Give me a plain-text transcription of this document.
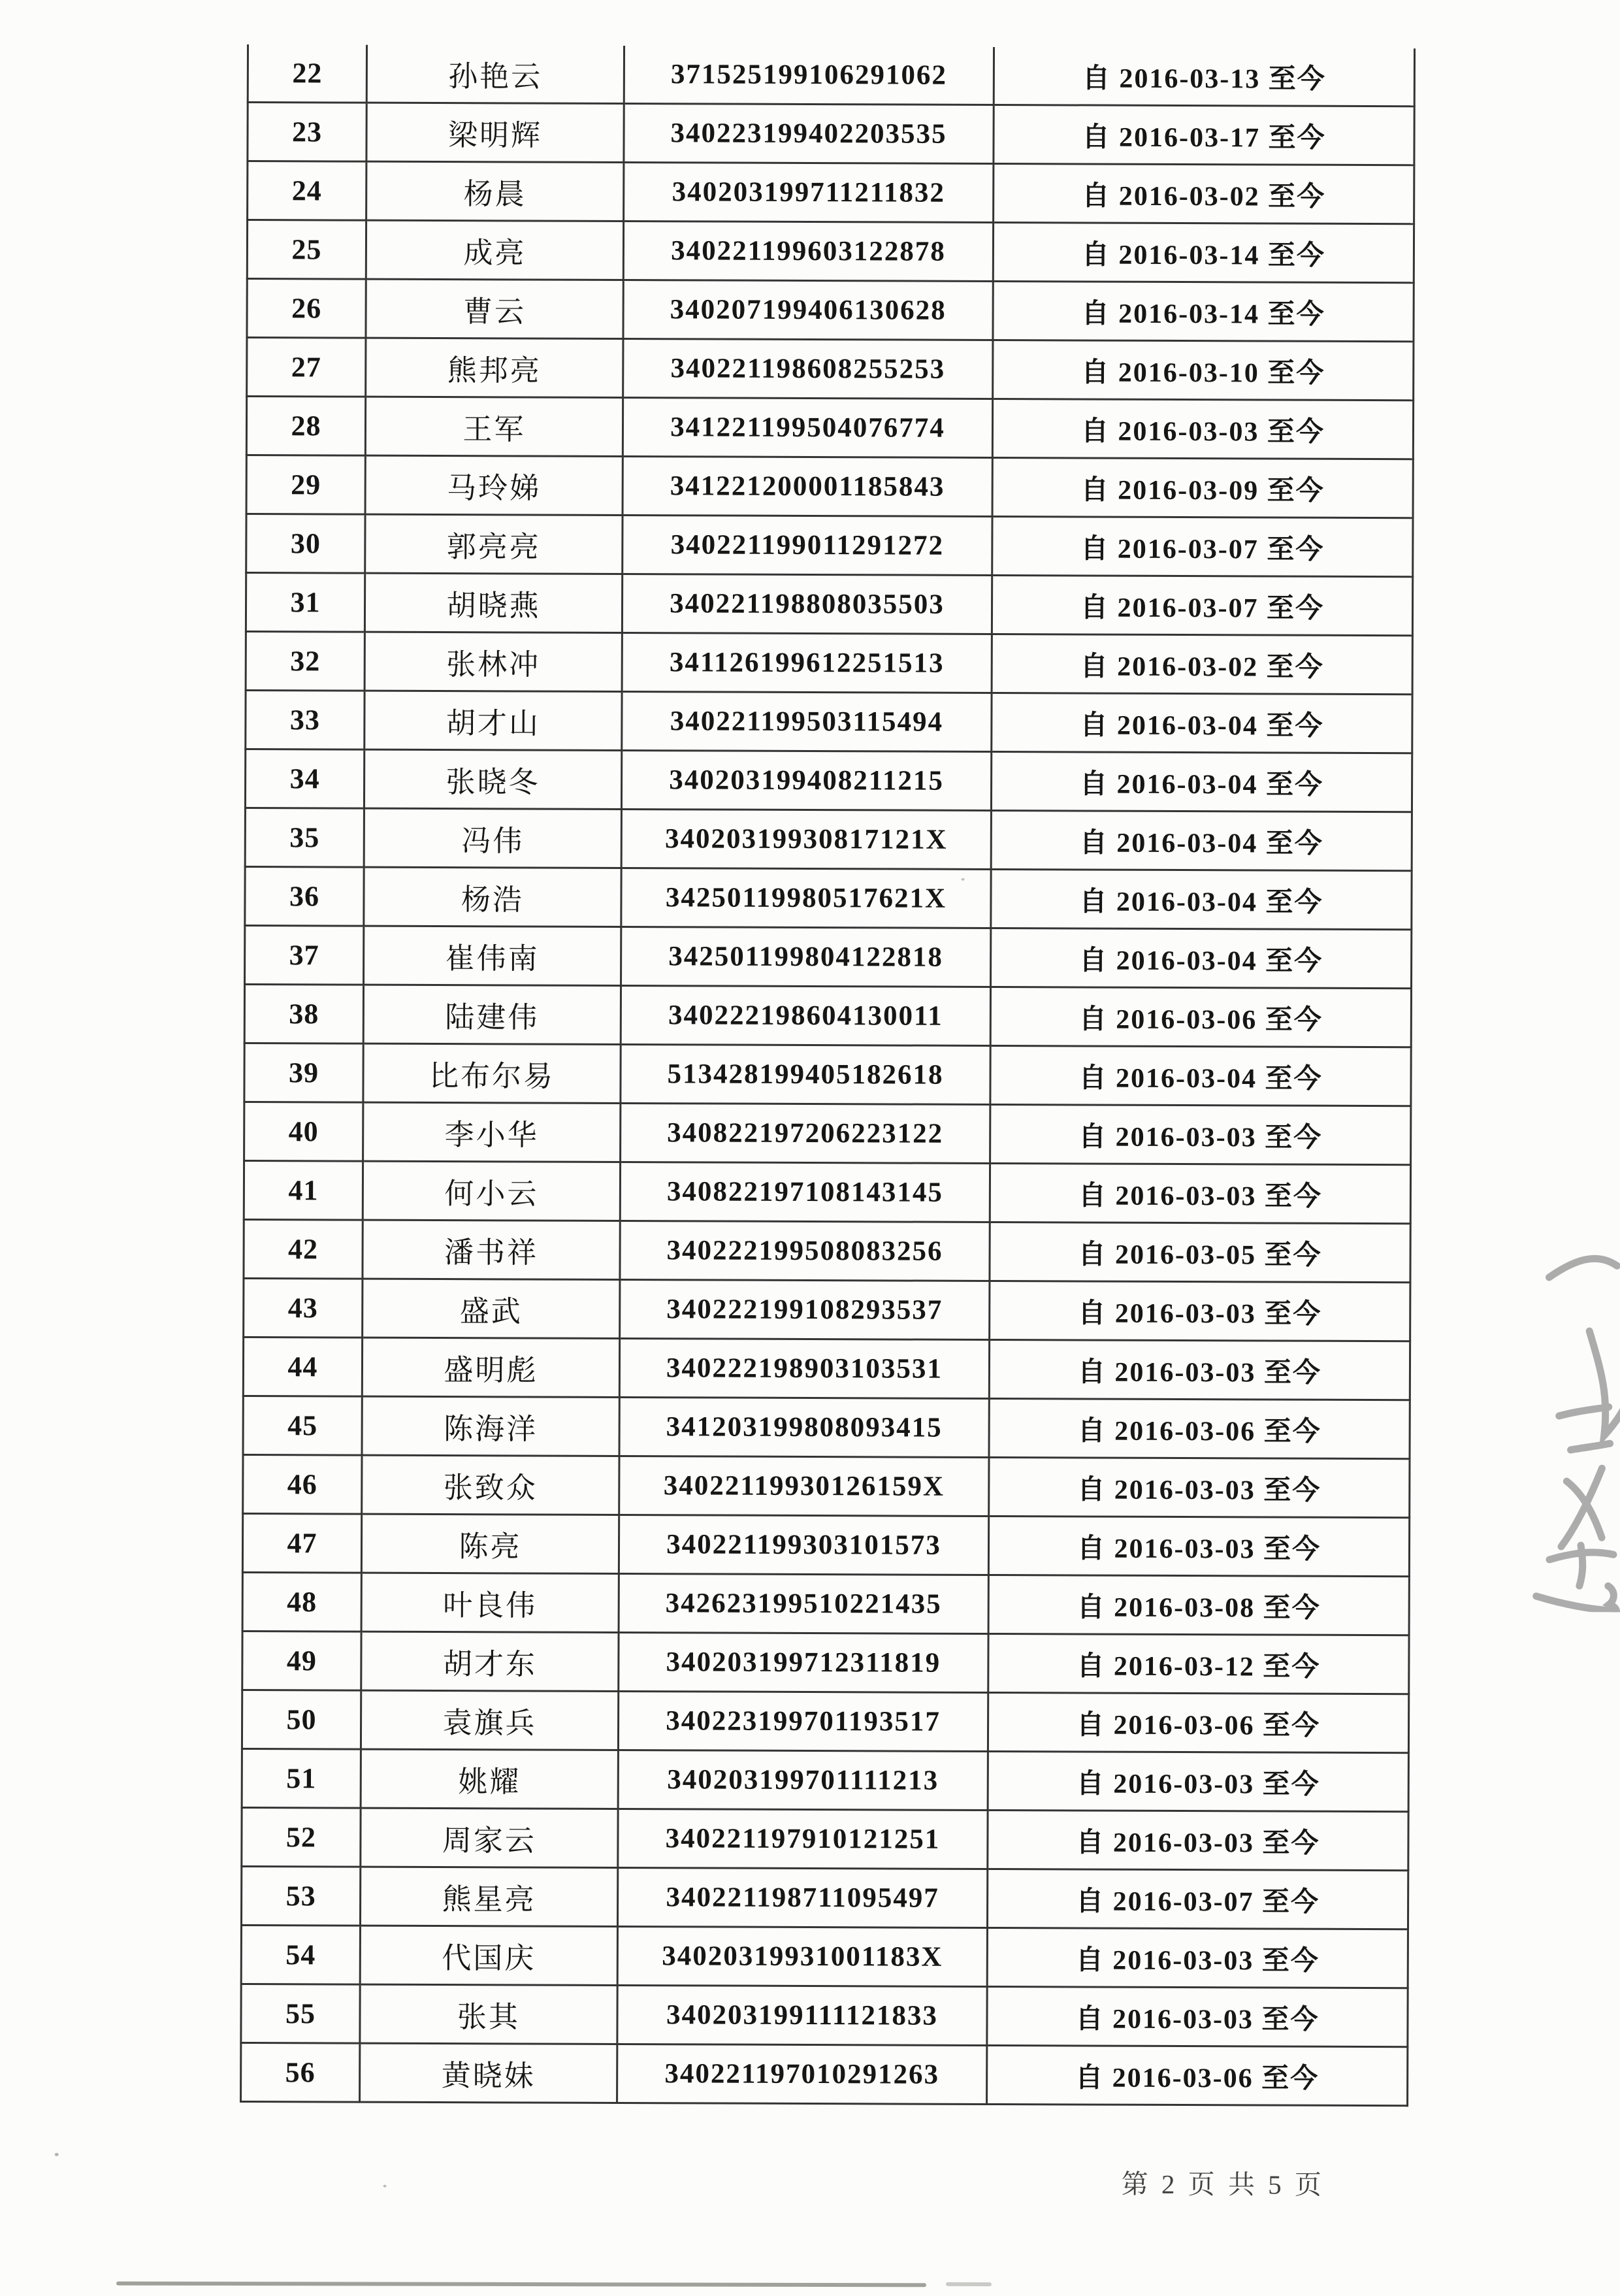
22	孙艳云	371525199106291062	自 2016-03-13 至今
23	梁明辉	340223199402203535	自 2016-03-17 至今
24	杨晨	340203199711211832	自 2016-03-02 至今
25	成亮	340221199603122878	自 2016-03-14 至今
26	曹云	340207199406130628	自 2016-03-14 至今
27	熊邦亮	340221198608255253	自 2016-03-10 至今
28	王军	341221199504076774	自 2016-03-03 至今
29	马玲娣	341221200001185843	自 2016-03-09 至今
30	郭亮亮	340221199011291272	自 2016-03-07 至今
31	胡晓燕	340221198808035503	自 2016-03-07 至今
32	张林冲	341126199612251513	自 2016-03-02 至今
33	胡才山	340221199503115494	自 2016-03-04 至今
34	张晓冬	340203199408211215	自 2016-03-04 至今
35	冯伟	34020319930817121X	自 2016-03-04 至今
36	杨浩	34250119980517621X	自 2016-03-04 至今
37	崔伟南	342501199804122818	自 2016-03-04 至今
38	陆建伟	340222198604130011	自 2016-03-06 至今
39	比布尔易	513428199405182618	自 2016-03-04 至今
40	李小华	340822197206223122	自 2016-03-03 至今
41	何小云	340822197108143145	自 2016-03-03 至今
42	潘书祥	340222199508083256	自 2016-03-05 至今
43	盛武	340222199108293537	自 2016-03-03 至今
44	盛明彪	340222198903103531	自 2016-03-03 至今
45	陈海洋	341203199808093415	自 2016-03-06 至今
46	张致众	34022119930126159X	自 2016-03-03 至今
47	陈亮	340221199303101573	自 2016-03-03 至今
48	叶良伟	342623199510221435	自 2016-03-08 至今
49	胡才东	340203199712311819	自 2016-03-12 至今
50	袁旗兵	340223199701193517	自 2016-03-06 至今
51	姚耀	340203199701111213	自 2016-03-03 至今
52	周家云	340221197910121251	自 2016-03-03 至今
53	熊星亮	340221198711095497	自 2016-03-07 至今
54	代国庆	34020319931001183X	自 2016-03-03 至今
55	张其	340203199111121833	自 2016-03-03 至今
56	黄晓妹	340221197010291263	自 2016-03-06 至今
第 2 页 共 5 页
